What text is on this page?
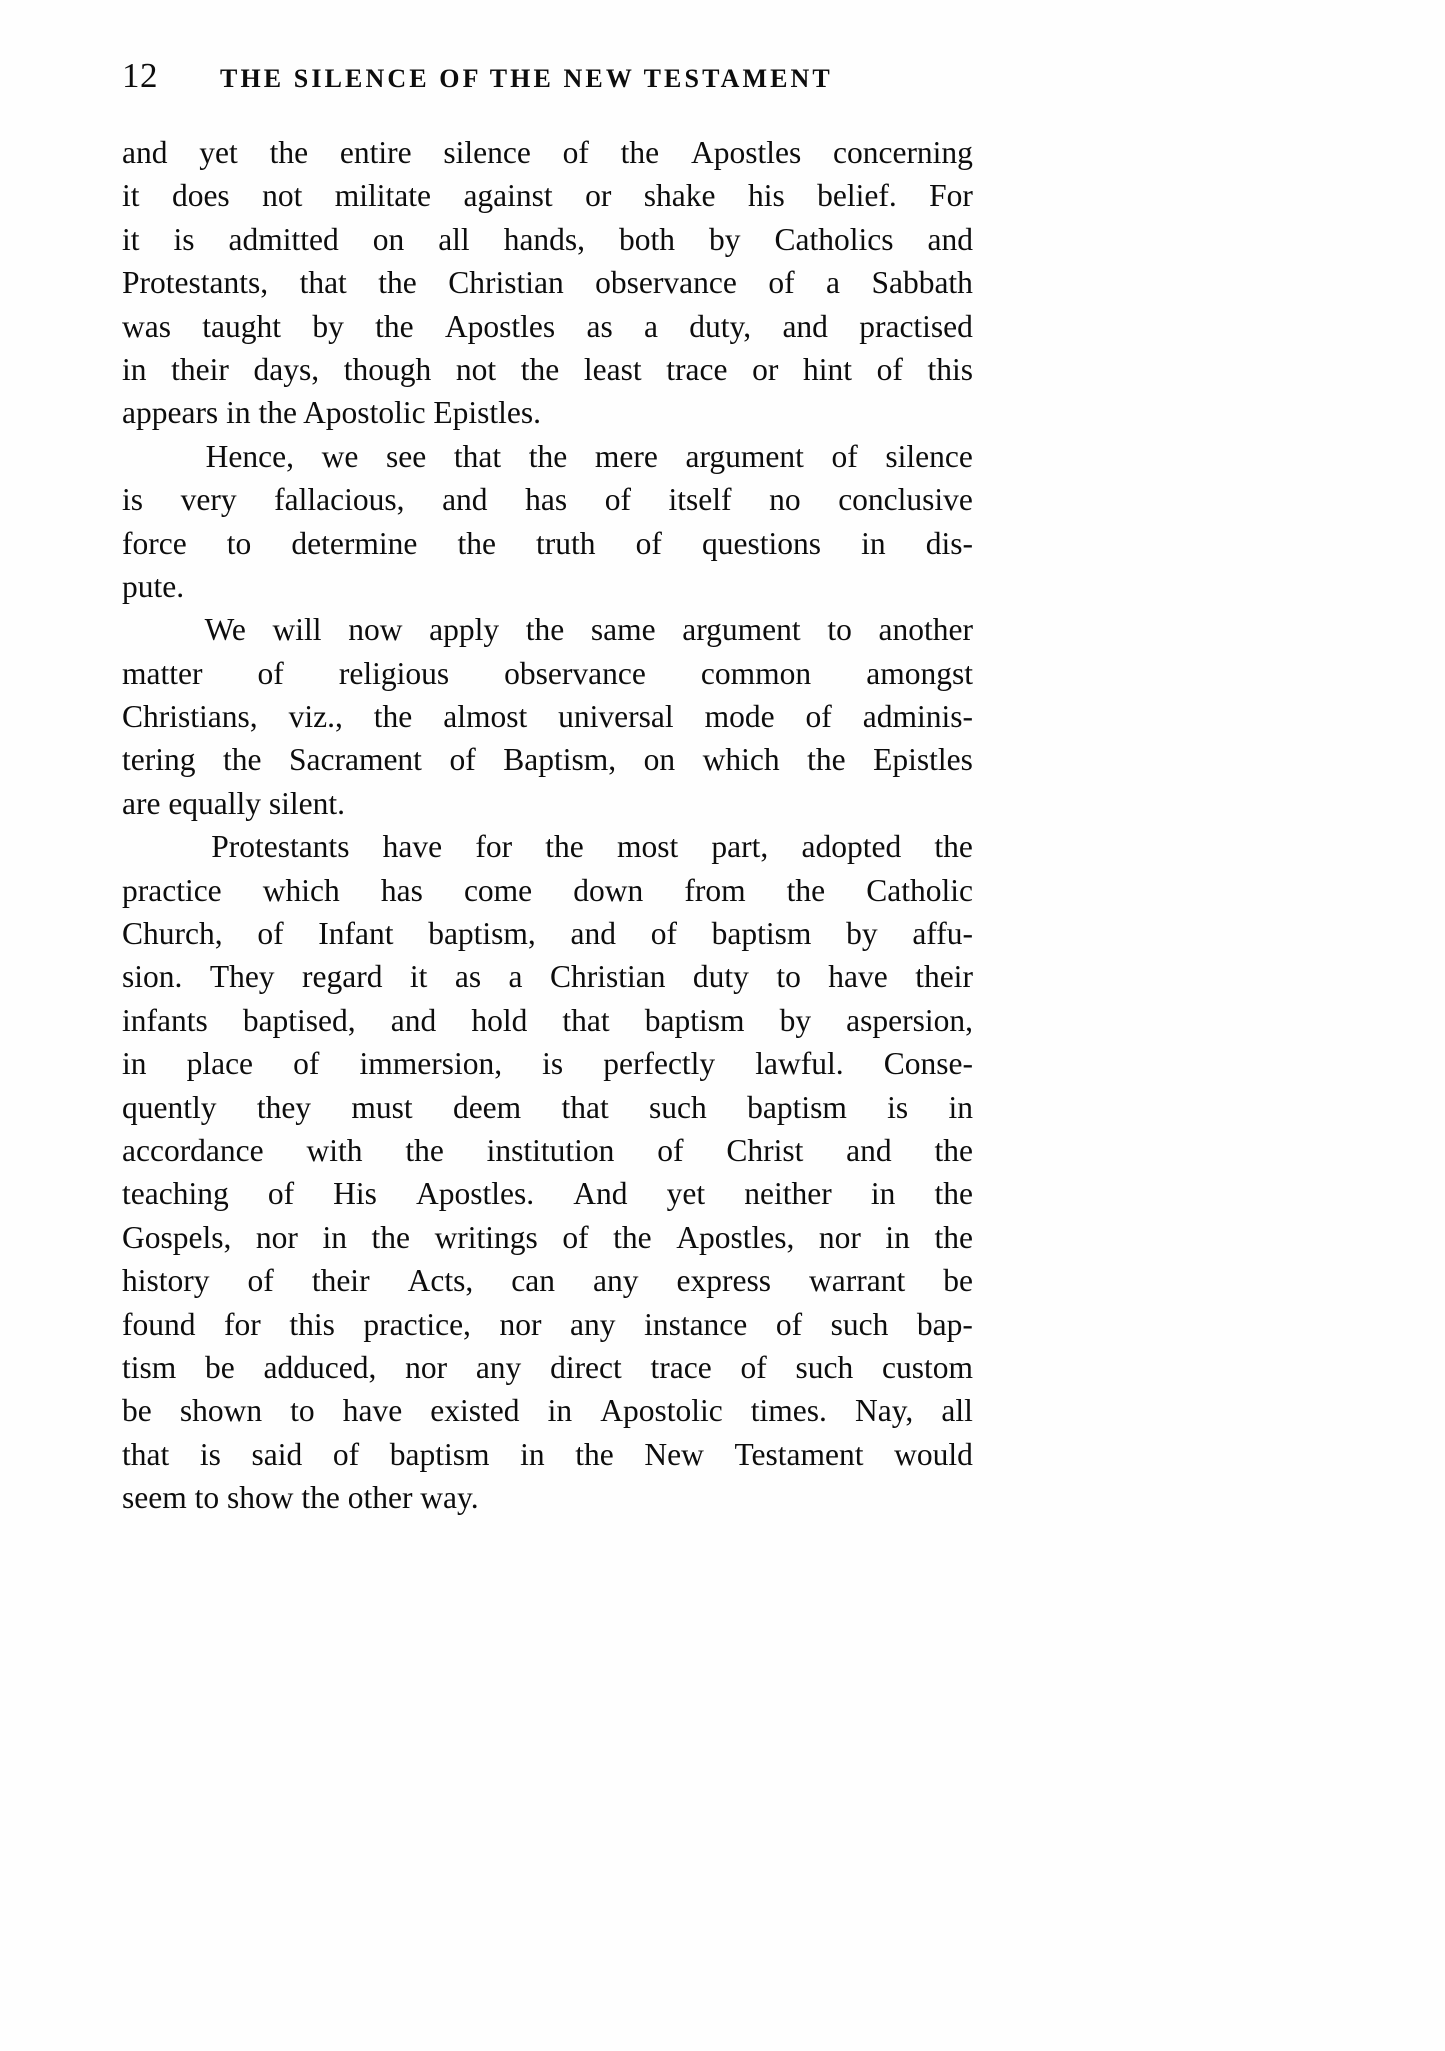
12 THE SILENCE OF THE NEW TESTAMENT

and yet the entire silence of the Apostles concerning
it does not militate against or shake his belief. For
it is admitted on all hands, both by Catholics and
Protestants, that the Christian observance of a Sabbath
was taught by the Apostles as a duty, and practised
in their days, though not the least trace or hint of this
appears in the Apostolic Epistles.

Hence, we see that the mere argument of silence
is very fallacious, and has of itself no conclusive
force to determine the truth of questions in dis-
pute.

We will now apply the same argument to another
matter of religious observance common amongst
Christians, viz., the almost universal mode of adminis-
tering the Sacrament of Baptism, on which the Epistles
are equally silent.

Protestants have for the most part, adopted the
practice which has come down from the Catholic
Church, of Infant baptism, and of baptism by affu-
sion. They regard it as a Christian duty to have their
infants baptised, and hold that baptism by aspersion,
in place of immersion, is perfectly lawful. Conse-
quently they must deem that such baptism is in
accordance with the institution of Christ and the
teaching of His Apostles. And yet neither in the
Gospels, nor in the writings of the Apostles, nor in the
history of their Acts, can any express warrant be
found for this practice, nor any instance of such bap-
tism be adduced, nor any direct trace of such custom
be shown to have existed in Apostolic times. Nay, all
that is said of baptism in the New Testament would
seem to show the other way.
